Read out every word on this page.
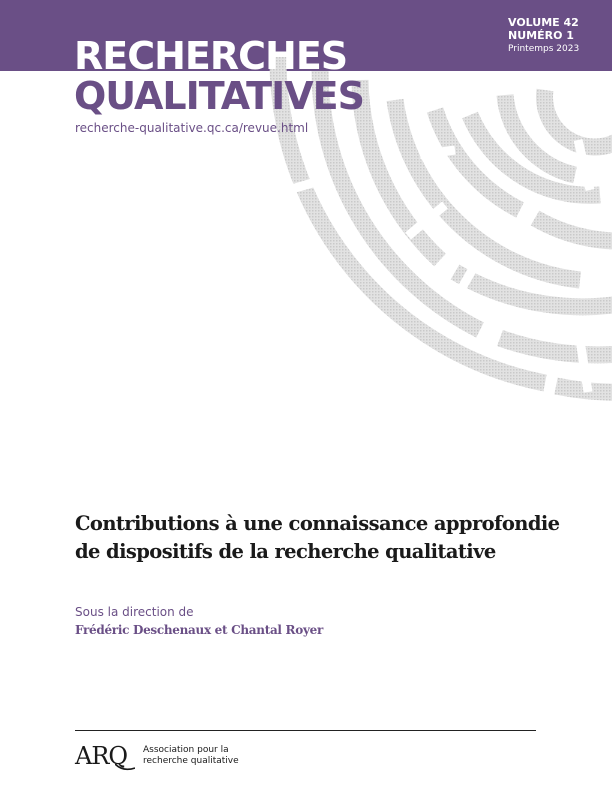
RECHERCHES
QUALITATIVES
recherche-qualitative.qc.ca/revue.html
VOLUME 42
NUMÉRO 1
Printemps 2023
Contributions à une connaissance approfondie
de dispositifs de la recherche qualitative
Sous la direction de
Frédéric Deschenaux et Chantal Royer
ARQ Association pour la
recherche qualitative
